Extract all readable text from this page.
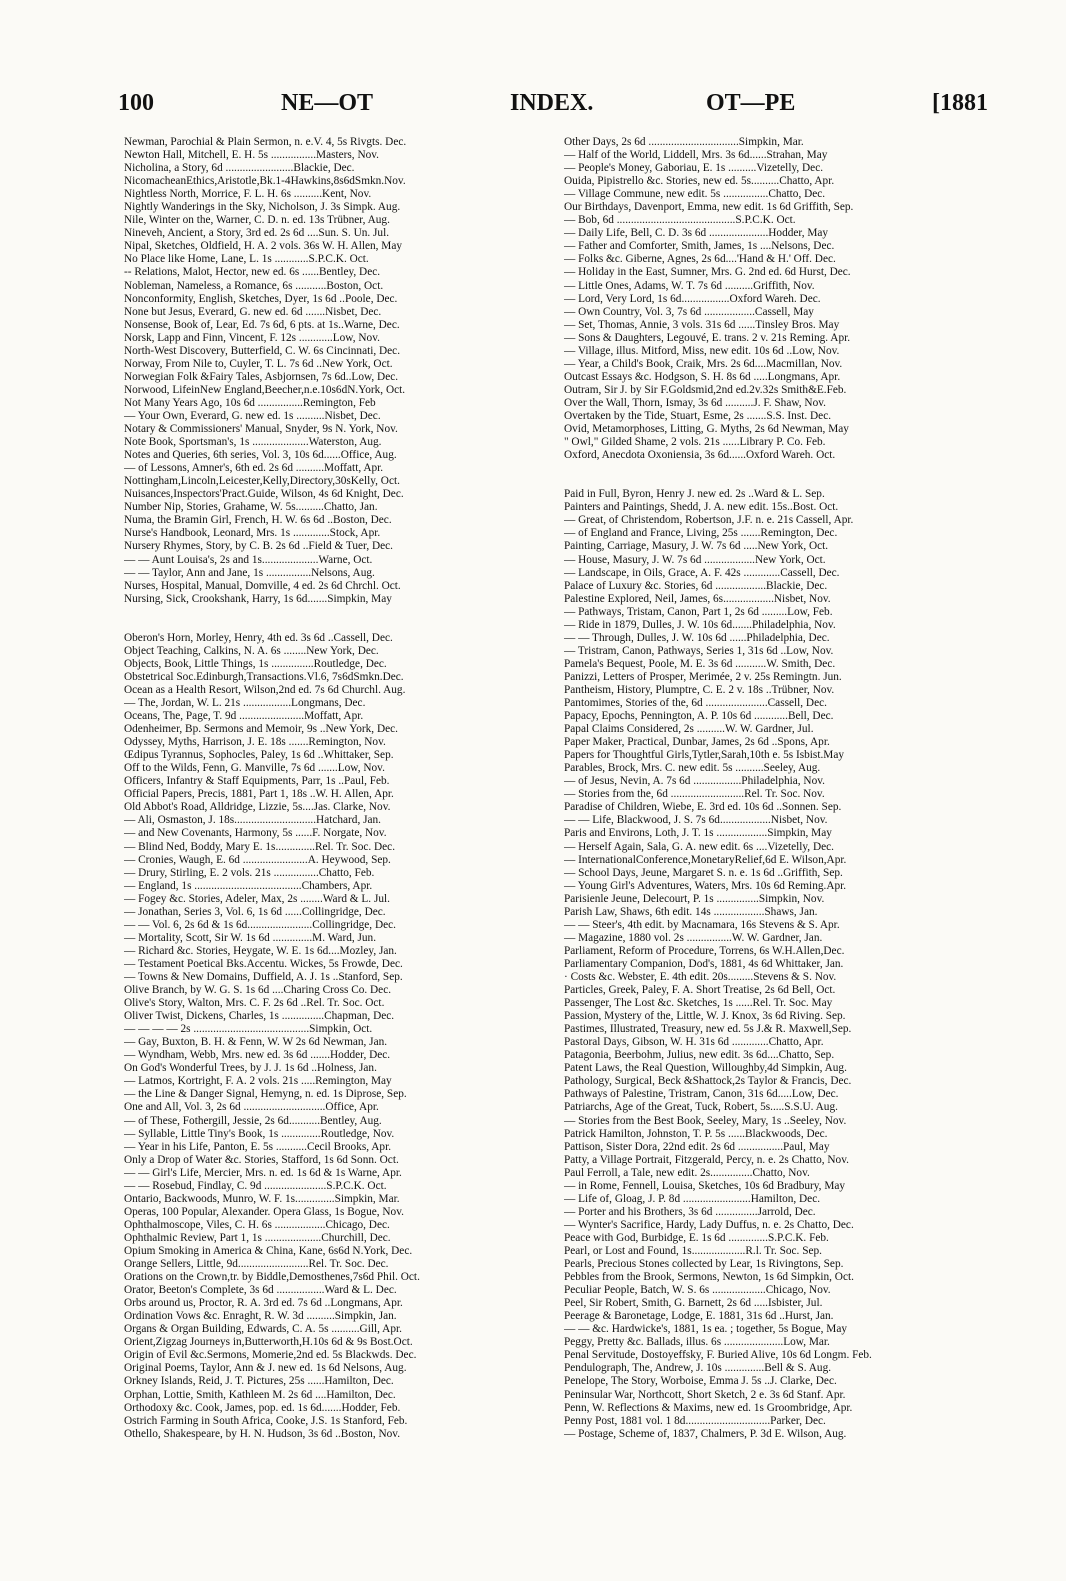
100	NE—OT	INDEX.	OT—PE	[1881
Newman, Parochial & Plain Sermon, n. e.V. 4, 5s Rivgts. Dec.
Newton Hall, Mitchell, E. H. 5s ................Masters, Nov.
Nicholina, a Story, 6d ........................Blackie, Dec.
NicomacheanEthics,Aristotle,Bk.1-4Hawkins,8s6dSmkn.Nov.
Nightless North, Morrice, F. L. H. 6s ..........Kent, Nov.
Nightly Wanderings in the Sky, Nicholson, J. 3s Simpk. Aug.
Nile, Winter on the, Warner, C. D. n. ed. 13s Trübner, Aug.
Nineveh, Ancient, a Story, 3rd ed. 2s 6d ....Sun. S. Un. Jul.
Nipal, Sketches, Oldfield, H. A. 2 vols. 36s W. H. Allen, May
No Place like Home, Lane, L. 1s ............S.P.C.K. Oct.
-- Relations, Malot, Hector, new ed. 6s ......Bentley, Dec.
Nobleman, Nameless, a Romance, 6s ...........Boston, Oct.
Nonconformity, English, Sketches, Dyer, 1s 6d ..Poole, Dec.
None but Jesus, Everard, G. new ed. 6d .......Nisbet, Dec.
Nonsense, Book of, Lear, Ed. 7s 6d, 6 pts. at 1s..Warne, Dec.
Norsk, Lapp and Finn, Vincent, F. 12s ............Low, Nov.
North-West Discovery, Butterfield, C. W. 6s Cincinnati, Dec.
Norway, From Nile to, Cuyler, T. L. 7s 6d ..New York, Oct.
Norwegian Folk &Fairy Tales, Asbjornsen, 7s 6d..Low, Dec.
Norwood, LifeinNew England,Beecher,n.e.10s6dN.York, Oct.
Not Many Years Ago, 10s 6d ................Remington, Feb
— Your Own, Everard, G. new ed. 1s ..........Nisbet, Dec.
Notary & Commissioners' Manual, Snyder, 9s N. York, Nov.
Note Book, Sportsman's, 1s ....................Waterston, Aug.
Notes and Queries, 6th series, Vol. 3, 10s 6d......Office, Aug.
— of Lessons, Amner's, 6th ed. 2s 6d ..........Moffatt, Apr.
Nottingham,Lincoln,Leicester,Kelly,Directory,30sKelly, Oct.
Nuisances,Inspectors'Pract.Guide, Wilson, 4s 6d Knight, Dec.
Number Nip, Stories, Grahame, W. 5s..........Chatto, Jan.
Numa, the Bramin Girl, French, H. W. 6s 6d ..Boston, Dec.
Nurse's Handbook, Leonard, Mrs. 1s .............Stock, Apr.
Nursery Rhymes, Story, by C. B. 2s 6d ..Field & Tuer, Dec.
— — Aunt Louisa's, 2s and 1s....................Warne, Oct.
— — Taylor, Ann and Jane, 1s ................Nelsons, Aug.
Nurses, Hospital, Manual, Domville, 4 ed. 2s 6d Chrchl. Oct.
Nursing, Sick, Crookshank, Harry, 1s 6d.......Simpkin, May
Oberon's Horn, Morley, Henry, 4th ed. 3s 6d ..Cassell, Dec.
Object Teaching, Calkins, N. A. 6s ........New York, Dec.
Objects, Book, Little Things, 1s ...............Routledge, Dec.
Obstetrical Soc.Edinburgh,Transactions.Vl.6, 7s6dSmkn.Dec.
Ocean as a Health Resort, Wilson,2nd ed. 7s 6d Churchl. Aug.
— The, Jordan, W. L. 21s .................Longmans, Dec.
Oceans, The, Page, T. 9d .......................Moffatt, Apr.
Odenheimer, Bp. Sermons and Memoir, 9s ..New York, Dec.
Odyssey, Myths, Harrison, J. E. 18s .......Remington, Nov.
Œdipus Tyrannus, Sophocles, Paley, 1s 6d ..Whittaker, Sep.
Off to the Wilds, Fenn, G. Manville, 7s 6d .......Low, Nov.
Officers, Infantry & Staff Equipments, Parr, 1s ..Paul, Feb.
Official Papers, Precis, 1881, Part 1, 18s ..W. H. Allen, Apr.
Old Abbot's Road, Alldridge, Lizzie, 5s....Jas. Clarke, Nov.
— Ali, Osmaston, J. 18s.............................Hatchard, Jan.
— and New Covenants, Harmony, 5s ......F. Norgate, Nov.
— Blind Ned, Boddy, Mary E. 1s..............Rel. Tr. Soc. Dec.
— Cronies, Waugh, E. 6d .......................A. Heywood, Sep.
— Drury, Stirling, E. 2 vols. 21s ................Chatto, Feb.
— England, 1s ......................................Chambers, Apr.
— Fogey &c. Stories, Adeler, Max, 2s ........Ward & L. Jul.
— Jonathan, Series 3, Vol. 6, 1s 6d ......Collingridge, Dec.
— — Vol. 6, 2s 6d & 1s 6d.......................Collingridge, Dec.
— Mortality, Scott, Sir W. 1s 6d ..............M. Ward, Jun.
— Richard &c. Stories, Heygate, W. E. 1s 6d....Mozley, Jan.
— Testament Poetical Bks.Accentu. Wickes, 5s Frowde, Dec.
— Towns & New Domains, Duffield, A. J. 1s ..Stanford, Sep.
Olive Branch, by W. G. S. 1s 6d ....Charing Cross Co. Dec.
Olive's Story, Walton, Mrs. C. F. 2s 6d ..Rel. Tr. Soc. Oct.
Oliver Twist, Dickens, Charles, 1s ...............Chapman, Dec.
— — — — 2s .........................................Simpkin, Oct.
— Gay, Buxton, B. H. & Fenn, W. W 2s 6d Newman, Jan.
— Wyndham, Webb, Mrs. new ed. 3s 6d .......Hodder, Dec.
On God's Wonderful Trees, by J. J. 1s 6d ..Holness, Jan.
— Latmos, Kortright, F. A. 2 vols. 21s .....Remington, May
— the Line & Danger Signal, Hemyng, n. ed. 1s Diprose, Sep.
One and All, Vol. 3, 2s 6d .............................Office, Apr.
— of These, Fothergill, Jessie, 2s 6d...........Bentley, Aug.
— Syllable, Little Tiny's Book, 1s ..............Routledge, Nov.
— Year in his Life, Panton, E. 5s ...........Cecil Brooks, Apr.
Only a Drop of Water &c. Stories, Stafford, 1s 6d Sonn. Oct.
— — Girl's Life, Mercier, Mrs. n. ed. 1s 6d & 1s Warne, Apr.
— — Rosebud, Findlay, C. 9d ......................S.P.C.K. Oct.
Ontario, Backwoods, Munro, W. F. 1s..............Simpkin, Mar.
Operas, 100 Popular, Alexander. Opera Glass, 1s Bogue, Nov.
Ophthalmoscope, Viles, C. H. 6s ..................Chicago, Dec.
Ophthalmic Review, Part 1, 1s ....................Churchill, Dec.
Opium Smoking in America & China, Kane, 6s6d N.York, Dec.
Orange Sellers, Little, 9d.........................Rel. Tr. Soc. Dec.
Orations on the Crown,tr. by Biddle,Demosthenes,7s6d Phil. Oct.
Orator, Beeton's Complete, 3s 6d .................Ward & L. Dec.
Orbs around us, Proctor, R. A. 3rd ed. 7s 6d ..Longmans, Apr.
Ordination Vows &c. Enraght, R. W. 3d ..........Simpkin, Jan.
Organs & Organ Building, Edwards, C. A. 5s ..........Gill, Apr.
Orient,Zigzag Journeys in,Butterworth,H.10s 6d & 9s Bost.Oct.
Origin of Evil &c.Sermons, Momerie,2nd ed. 5s Blackwds. Dec.
Original Poems, Taylor, Ann & J. new ed. 1s 6d Nelsons, Aug.
Orkney Islands, Reid, J. T. Pictures, 25s ......Hamilton, Dec.
Orphan, Lottie, Smith, Kathleen M. 2s 6d ....Hamilton, Dec.
Orthodoxy &c. Cook, James, pop. ed. 1s 6d.......Hodder, Feb.
Ostrich Farming in South Africa, Cooke, J.S. 1s Stanford, Feb.
Othello, Shakespeare, by H. N. Hudson, 3s 6d ..Boston, Nov.
Other Days, 2s 6d ................................Simpkin, Mar.
— Half of the World, Liddell, Mrs. 3s 6d......Strahan, May
— People's Money, Gaboriau, E. 1s ..........Vizetelly, Dec.
Ouida, Pipistrello &c. Stories, new ed. 5s..........Chatto, Apr.
— Village Commune, new edit. 5s ................Chatto, Dec.
Our Birthdays, Davenport, Emma, new edit. 1s 6d Griffith, Sep.
— Bob, 6d ..........................................S.P.C.K. Oct.
— Daily Life, Bell, C. D. 3s 6d .....................Hodder, May
— Father and Comforter, Smith, James, 1s ....Nelsons, Dec.
— Folks &c. Giberne, Agnes, 2s 6d....'Hand & H.' Off. Dec.
— Holiday in the East, Sumner, Mrs. G. 2nd ed. 6d Hurst, Dec.
— Little Ones, Adams, W. T. 7s 6d ..........Griffith, Nov.
— Lord, Very Lord, 1s 6d.................Oxford Wareh. Dec.
— Own Country, Vol. 3, 7s 6d ..................Cassell, May
— Set, Thomas, Annie, 3 vols. 31s 6d ......Tinsley Bros. May
— Sons & Daughters, Legouvé, E. trans. 2 v. 21s Reming. Apr.
— Village, illus. Mitford, Miss, new edit. 10s 6d ..Low, Nov.
— Year, a Child's Book, Craik, Mrs. 2s 6d....Macmillan, Nov.
Outcast Essays &c. Hodgson, S. H. 8s 6d .....Longmans, Apr.
Outram, Sir J. by Sir F.Goldsmid,2nd ed.2v.32s Smith&E.Feb.
Over the Wall, Thorn, Ismay, 3s 6d ..........J. F. Shaw, Nov.
Overtaken by the Tide, Stuart, Esme, 2s .......S.S. Inst. Dec.
Ovid, Metamorphoses, Litting, G. Myths, 2s 6d Newman, May
" Owl," Gilded Shame, 2 vols. 21s ......Library P. Co. Feb.
Oxford, Anecdota Oxoniensia, 3s 6d......Oxford Wareh. Oct.
Paid in Full, Byron, Henry J. new ed. 2s ..Ward & L. Sep.
Painters and Paintings, Shedd, J. A. new edit. 15s..Bost. Oct.
— Great, of Christendom, Robertson, J.F. n. e. 21s Cassell, Apr.
— of England and France, Living, 25s .......Remington, Dec.
Painting, Carriage, Masury, J. W. 7s 6d .....New York, Oct.
— House, Masury, J. W. 7s 6d ..................New York, Oct.
— Landscape, in Oils, Grace, A. F. 42s .............Cassell, Dec.
Palace of Luxury &c. Stories, 6d ..................Blackie, Dec.
Palestine Explored, Neil, James, 6s..................Nisbet, Nov.
— Pathways, Tristam, Canon, Part 1, 2s 6d .........Low, Feb.
— Ride in 1879, Dulles, J. W. 10s 6d.......Philadelphia, Nov.
— — Through, Dulles, J. W. 10s 6d ......Philadelphia, Dec.
— Tristram, Canon, Pathways, Series 1, 31s 6d ..Low, Nov.
Pamela's Bequest, Poole, M. E. 3s 6d ...........W. Smith, Dec.
Panizzi, Letters of Prosper, Merimée, 2 v. 25s Remingtn. Jun.
Pantheism, History, Plumptre, C. E. 2 v. 18s ..Trübner, Nov.
Pantomimes, Stories of the, 6d ......................Cassell, Dec.
Papacy, Epochs, Pennington, A. P. 10s 6d ............Bell, Dec.
Papal Claims Considered, 2s ..........W. W. Gardner, Jul.
Paper Maker, Practical, Dunbar, James, 2s 6d ..Spons, Apr.
Papers for Thoughtful Girls,Tytler,Sarah,10th e. 5s Isbist.May
Parables, Brock, Mrs. C. new edit. 5s ..........Seeley, Aug.
— of Jesus, Nevin, A. 7s 6d .................Philadelphia, Nov.
— Stories from the, 6d ..........................Rel. Tr. Soc. Nov.
Paradise of Children, Wiebe, E. 3rd ed. 10s 6d ..Sonnen. Sep.
— — Life, Blackwood, J. S. 7s 6d..................Nisbet, Nov.
Paris and Environs, Loth, J. T. 1s ..................Simpkin, May
— Herself Again, Sala, G. A. new edit. 6s ....Vizetelly, Dec.
— InternationalConference,MonetaryRelief,6d E. Wilson,Apr.
— School Days, Jeune, Margaret S. n. e. 1s 6d ..Griffith, Sep.
— Young Girl's Adventures, Waters, Mrs. 10s 6d Reming.Apr.
Parisienle Jeune, Delecourt, P. 1s ...............Simpkin, Nov.
Parish Law, Shaws, 6th edit. 14s ..................Shaws, Jan.
— — Steer's, 4th edit. by Macnamara, 16s Stevens & S. Apr.
— Magazine, 1880 vol. 2s ................W. W. Gardner, Jan.
Parliament, Reform of Procedure, Torrens, 6s W.H.Allen,Dec.
Parliamentary Companion, Dod's, 1881, 4s 6d Whittaker, Jan.
· Costs &c. Webster, E. 4th edit. 20s.........Stevens & S. Nov.
Particles, Greek, Paley, F. A. Short Treatise, 2s 6d Bell, Oct.
Passenger, The Lost &c. Sketches, 1s ......Rel. Tr. Soc. May
Passion, Mystery of the, Little, W. J. Knox, 3s 6d Riving. Sep.
Pastimes, Illustrated, Treasury, new ed. 5s J.& R. Maxwell,Sep.
Pastoral Days, Gibson, W. H. 31s 6d .............Chatto, Apr.
Patagonia, Beerbohm, Julius, new edit. 3s 6d....Chatto, Sep.
Patent Laws, the Real Question, Willoughby,4d Simpkin, Aug.
Pathology, Surgical, Beck &Shattock,2s Taylor & Francis, Dec.
Pathways of Palestine, Tristram, Canon, 31s 6d.....Low, Dec.
Patriarchs, Age of the Great, Tuck, Robert, 5s.....S.S.U. Aug.
— Stories from the Best Book, Seeley, Mary, 1s ..Seeley, Nov.
Patrick Hamilton, Johnston, T. P. 5s ......Blackwoods, Dec.
Pattison, Sister Dora, 22nd edit. 2s 6d ................Paul, May
Patty, a Village Portrait, Fitzgerald, Percy, n. e. 2s Chatto, Nov.
Paul Ferroll, a Tale, new edit. 2s...............Chatto, Nov.
— in Rome, Fennell, Louisa, Sketches, 10s 6d Bradbury, May
— Life of, Gloag, J. P. 8d ........................Hamilton, Dec.
— Porter and his Brothers, 3s 6d ...............Jarrold, Dec.
— Wynter's Sacrifice, Hardy, Lady Duffus, n. e. 2s Chatto, Dec.
Peace with God, Burbidge, E. 1s 6d ..............S.P.C.K. Feb.
Pearl, or Lost and Found, 1s...................R.l. Tr. Soc. Sep.
Pearls, Precious Stones collected by Lear, 1s Rivingtons, Sep.
Pebbles from the Brook, Sermons, Newton, 1s 6d Simpkin, Oct.
Peculiar People, Batch, W. S. 6s ...................Chicago, Nov.
Peel, Sir Robert, Smith, G. Barnett, 2s 6d .....Isbister, Jul.
Peerage & Baronetage, Lodge, E. 1881, 31s 6d ..Hurst, Jan.
— — &c. Hardwicke's, 1881, 1s ea. ; together, 5s Bogue, May
Peggy, Pretty &c. Ballads, illus. 6s .....................Low, Mar.
Penal Servitude, Dostoyeffsky, F. Buried Alive, 10s 6d Longm. Feb.
Pendulograph, The, Andrew, J. 10s ..............Bell & S. Aug.
Penelope, The Story, Worboise, Emma J. 5s ..J. Clarke, Dec.
Peninsular War, Northcott, Short Sketch, 2 e. 3s 6d Stanf. Apr.
Penn, W. Reflections & Maxims, new ed. 1s Groombridge, Apr.
Penny Post, 1881 vol. 1 8d..............................Parker, Dec.
— Postage, Scheme of, 1837, Chalmers, P. 3d E. Wilson, Aug.
